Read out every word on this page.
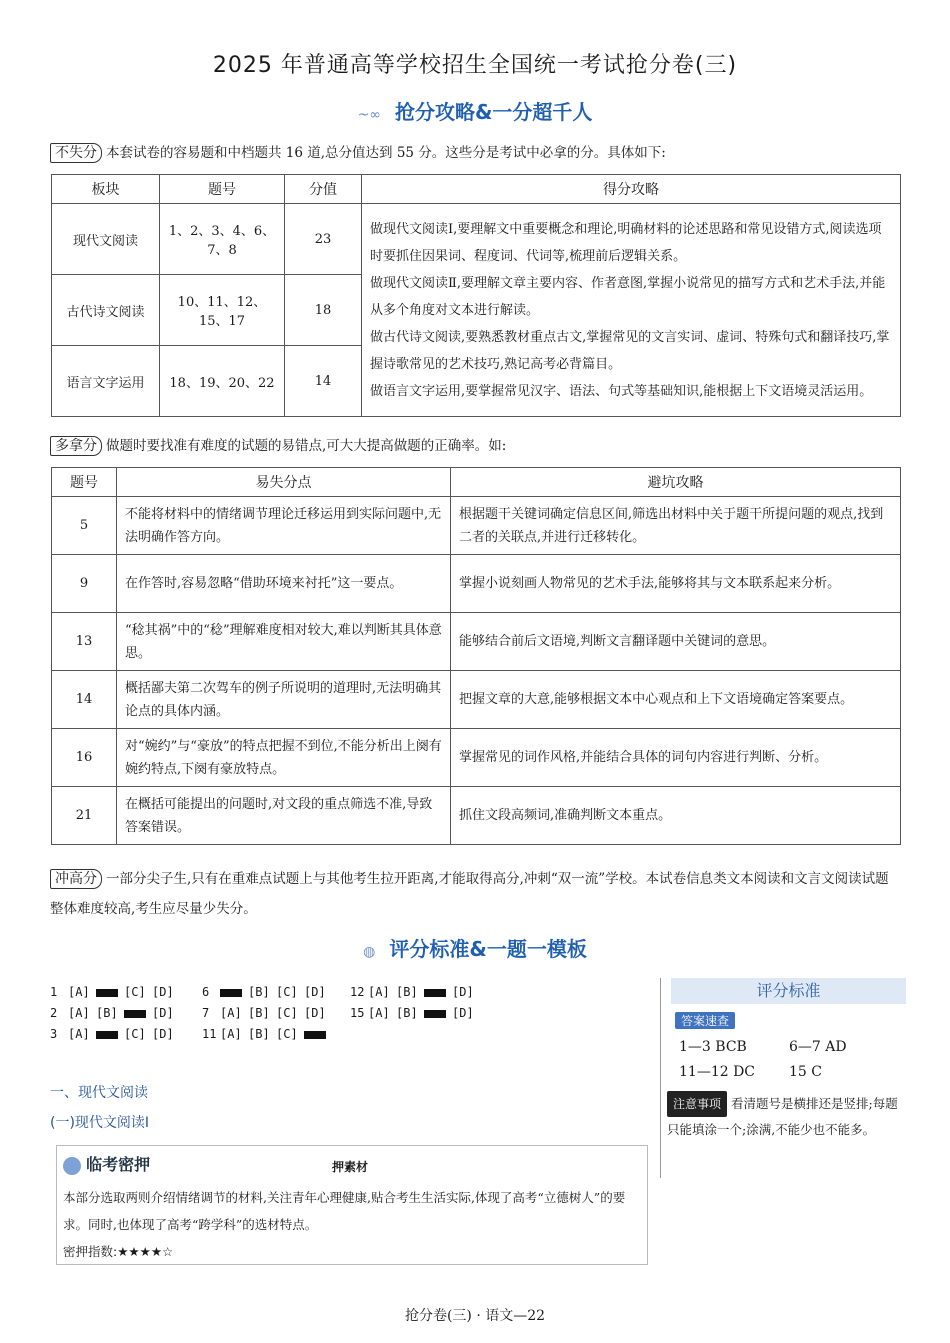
2025 年普通高等学校招生全国统一考试抢分卷(三)
~∞ 抢分攻略&一分超千人
不失分 本套试卷的容易题和中档题共 16 道,总分值达到 55 分。这些分是考试中必拿的分。具体如下:
板块	题号	分值	得分攻略
现代文阅读	1、2、3、4、6、7、8	23	做现代文阅读Ⅰ,要理解文中重要概念和理论,明确材料的论述思路和常见设错方式,阅读选项时要抓住因果词、程度词、代词等,梳理前后逻辑关系。
做现代文阅读Ⅱ,要理解文章主要内容、作者意图,掌握小说常见的描写方式和艺术手法,并能从多个角度对文本进行解读。
做古代诗文阅读,要熟悉教材重点古文,掌握常见的文言实词、虚词、特殊句式和翻译技巧,掌握诗歌常见的艺术技巧,熟记高考必背篇目。
做语言文字运用,要掌握常见汉字、语法、句式等基础知识,能根据上下文语境灵活运用。

古代诗文阅读	10、11、12、15、17	18	
语言文字运用	18、19、20、22	14	
多拿分 做题时要找准有难度的试题的易错点,可大大提高做题的正确率。如:
题号	易失分点	避坑攻略
5	不能将材料中的情绪调节理论迁移运用到实际问题中,无法明确作答方向。	根据题干关键词确定信息区间,筛选出材料中关于题干所提问题的观点,找到二者的关联点,并进行迁移转化。
9	在作答时,容易忽略“借助环境来衬托”这一要点。	掌握小说刻画人物常见的艺术手法,能够将其与文本联系起来分析。
13	“稔其祸”中的“稔”理解难度相对较大,难以判断其具体意思。	能够结合前后文语境,判断文言翻译题中关键词的意思。
14	概括鄙夫第二次驾车的例子所说明的道理时,无法明确其论点的具体内涵。	把握文章的大意,能够根据文本中心观点和上下文语境确定答案要点。
16	对“婉约”与“豪放”的特点把握不到位,不能分析出上阕有婉约特点,下阕有豪放特点。	掌握常见的词作风格,并能结合具体的词句内容进行判断、分析。
21	在概括可能提出的问题时,对文段的重点筛选不准,导致答案错误。	抓住文段高频词,准确判断文本重点。
冲高分 一部分尖子生,只有在重难点试题上与其他考生拉开距离,才能取得高分,冲刺“双一流”学校。本试卷信息类文本阅读和文言文阅读试题整体难度较高,考生应尽量少失分。
◍ 评分标准&一题一模板
1 [A]	[C] [D] 6	[B] [C] [D] 12 [A] [B]	[D]
2 [A] [B]	[D] 7 [A] [B] [C] [D] 15 [A] [B]	[D]
3 [A]	[C] [D] 11 [A] [B] [C]
一、现代文阅读
(一)现代文阅读Ⅰ
临考密押	押素材
本部分选取两则介绍情绪调节的材料,关注青年心理健康,贴合考生生活实际,体现了高考“立德树人”的要求。同时,也体现了高考“跨学科”的选材特点。
密押指数:★★★★☆
评分标准
答案速查
1—3 BCB	6—7 AD
11—12 DC 15 C
注意事项 看清题号是横排还是竖排;每题只能填涂一个;涂满,不能少也不能多。
抢分卷(三) · 语文—22
